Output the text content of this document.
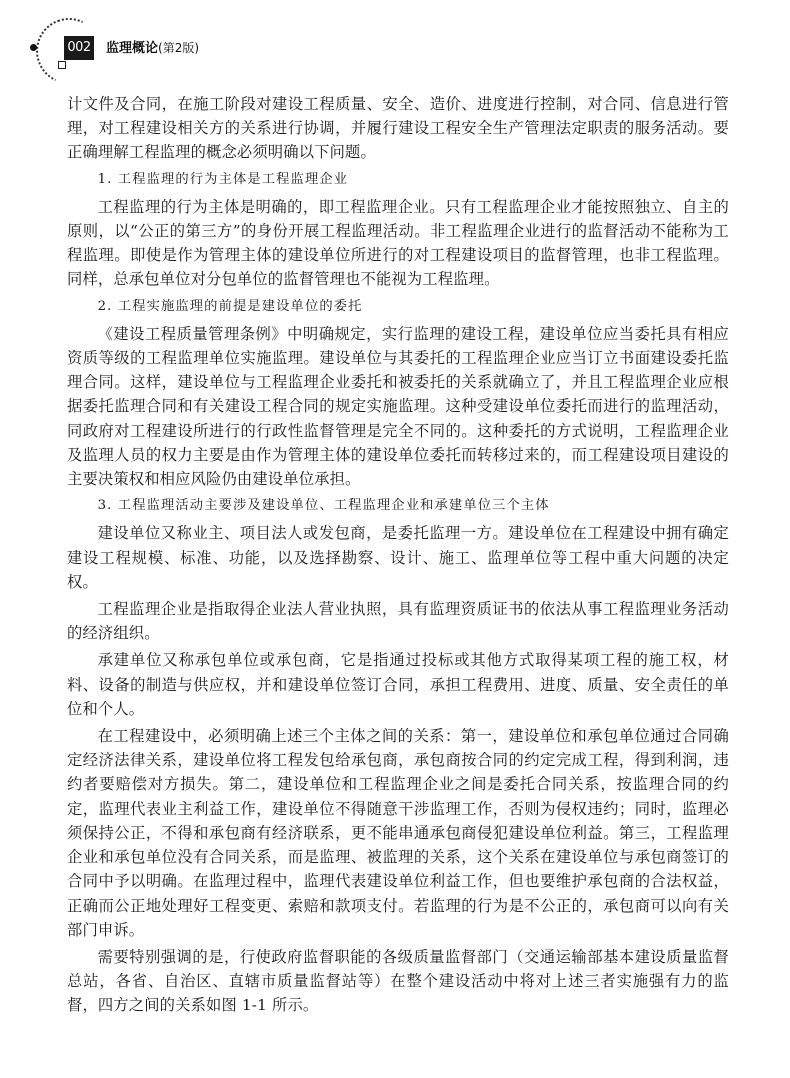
002 监理概论(第2版)

计文件及合同，在施工阶段对建设工程质量、安全、造价、进度进行控制，对合同、信息进行管理，对工程建设相关方的关系进行协调，并履行建设工程安全生产管理法定职责的服务活动。要正确理解工程监理的概念必须明确以下问题。

1. 工程监理的行为主体是工程监理企业

工程监理的行为主体是明确的，即工程监理企业。只有工程监理企业才能按照独立、自主的原则，以“公正的第三方”的身份开展工程监理活动。非工程监理企业进行的监督活动不能称为工程监理。即使是作为管理主体的建设单位所进行的对工程建设项目的监督管理，也非工程监理。同样，总承包单位对分包单位的监督管理也不能视为工程监理。

2. 工程实施监理的前提是建设单位的委托

《建设工程质量管理条例》中明确规定，实行监理的建设工程，建设单位应当委托具有相应资质等级的工程监理单位实施监理。建设单位与其委托的工程监理企业应当订立书面建设委托监理合同。这样，建设单位与工程监理企业委托和被委托的关系就确立了，并且工程监理企业应根据委托监理合同和有关建设工程合同的规定实施监理。这种受建设单位委托而进行的监理活动，同政府对工程建设所进行的行政性监督管理是完全不同的。这种委托的方式说明，工程监理企业及监理人员的权力主要是由作为管理主体的建设单位委托而转移过来的，而工程建设项目建设的主要决策权和相应风险仍由建设单位承担。

3. 工程监理活动主要涉及建设单位、工程监理企业和承建单位三个主体

建设单位又称业主、项目法人或发包商，是委托监理一方。建设单位在工程建设中拥有确定建设工程规模、标准、功能，以及选择勘察、设计、施工、监理单位等工程中重大问题的决定权。

工程监理企业是指取得企业法人营业执照，具有监理资质证书的依法从事工程监理业务活动的经济组织。

承建单位又称承包单位或承包商，它是指通过投标或其他方式取得某项工程的施工权，材料、设备的制造与供应权，并和建设单位签订合同，承担工程费用、进度、质量、安全责任的单位和个人。

在工程建设中，必须明确上述三个主体之间的关系：第一，建设单位和承包单位通过合同确定经济法律关系，建设单位将工程发包给承包商，承包商按合同的约定完成工程，得到利润，违约者要赔偿对方损失。第二，建设单位和工程监理企业之间是委托合同关系，按监理合同的约定，监理代表业主利益工作，建设单位不得随意干涉监理工作，否则为侵权违约；同时，监理必须保持公正，不得和承包商有经济联系，更不能串通承包商侵犯建设单位利益。第三，工程监理企业和承包单位没有合同关系，而是监理、被监理的关系，这个关系在建设单位与承包商签订的合同中予以明确。在监理过程中，监理代表建设单位利益工作，但也要维护承包商的合法权益，正确而公正地处理好工程变更、索赔和款项支付。若监理的行为是不公正的，承包商可以向有关部门申诉。

需要特别强调的是，行使政府监督职能的各级质量监督部门（交通运输部基本建设质量监督总站，各省、自治区、直辖市质量监督站等）在整个建设活动中将对上述三者实施强有力的监督，四方之间的关系如图 1-1 所示。
